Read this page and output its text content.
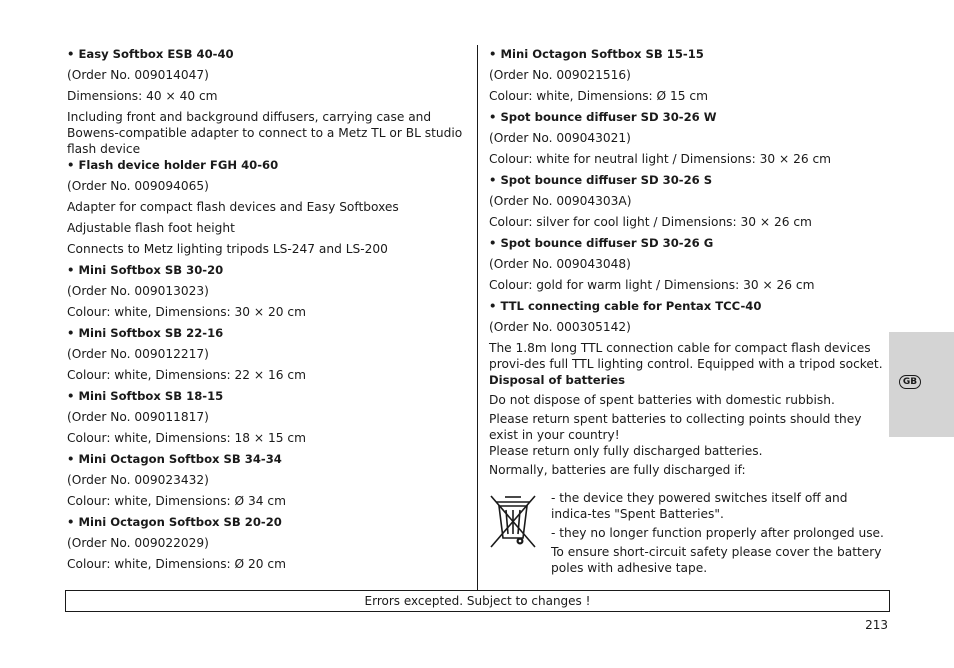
• Easy Softbox ESB 40-40

(Order No. 009014047)

Dimensions: 40 × 40 cm

Including front and background diffusers, carrying case and Bowens-compatible adapter to connect to a Metz TL or BL studio flash device

• Flash device holder FGH 40-60

(Order No. 009094065)

Adapter for compact flash devices and Easy Softboxes

Adjustable flash foot height

Connects to Metz lighting tripods LS-247 and LS-200

• Mini Softbox SB 30-20

(Order No. 009013023)

Colour: white, Dimensions: 30 × 20 cm

• Mini Softbox SB 22-16

(Order No. 009012217)

Colour: white, Dimensions: 22 × 16 cm

• Mini Softbox SB 18-15

(Order No. 009011817)

Colour: white, Dimensions: 18 × 15 cm

• Mini Octagon Softbox SB 34-34

(Order No. 009023432)

Colour: white, Dimensions: Ø 34 cm

• Mini Octagon Softbox SB 20-20

(Order No. 009022029)

Colour: white, Dimensions: Ø 20 cm

• Mini Octagon Softbox SB 15-15

(Order No. 009021516)

Colour: white, Dimensions: Ø 15 cm

• Spot bounce diffuser SD 30-26 W

(Order No. 009043021)

Colour: white for neutral light / Dimensions: 30 × 26 cm

• Spot bounce diffuser SD 30-26 S

(Order No. 00904303A)

Colour: silver for cool light / Dimensions: 30 × 26 cm

• Spot bounce diffuser SD 30-26 G

(Order No. 009043048)

Colour: gold for warm light / Dimensions: 30 × 26 cm

• TTL connecting cable for Pentax TCC-40

(Order No. 000305142)

The 1.8m long TTL connection cable for compact flash devices provi-des full TTL lighting control. Equipped with a tripod socket.

Disposal of batteries

Do not dispose of spent batteries with domestic rubbish.

Please return spent batteries to collecting points should they exist in your country!

Please return only fully discharged batteries.

Normally, batteries are fully discharged if:

- the device they powered switches itself off and indica-tes "Spent Batteries".

- they no longer function properly after prolonged use.

To ensure short-circuit safety please cover the battery poles with adhesive tape.

GB
Errors excepted. Subject to changes !
213
